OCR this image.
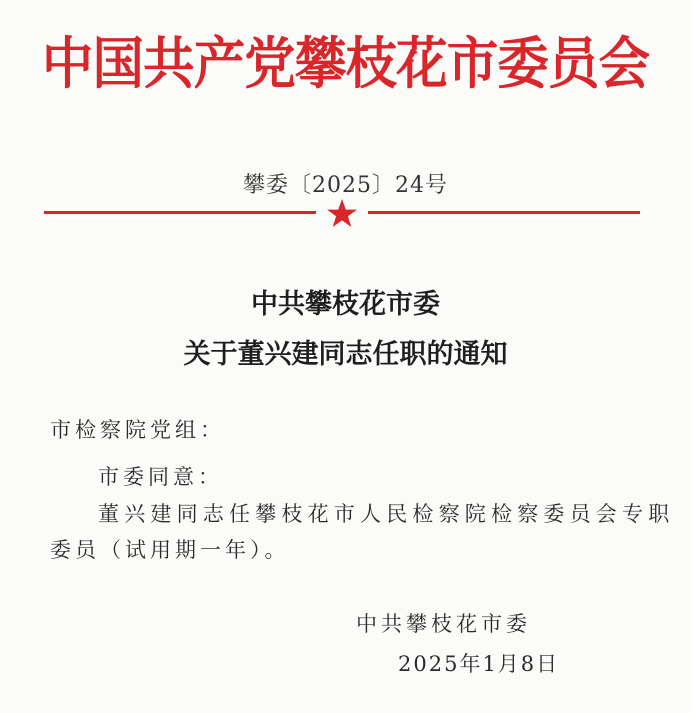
中国共产党攀枝花市委员会
攀委〔2025〕24号
中共攀枝花市委
关于董兴建同志任职的通知
市检察院党组：
市委同意：
董兴建同志任攀枝花市人民检察院检察委员会专职
委员（试用期一年）。
中共攀枝花市委
2025年1月8日
